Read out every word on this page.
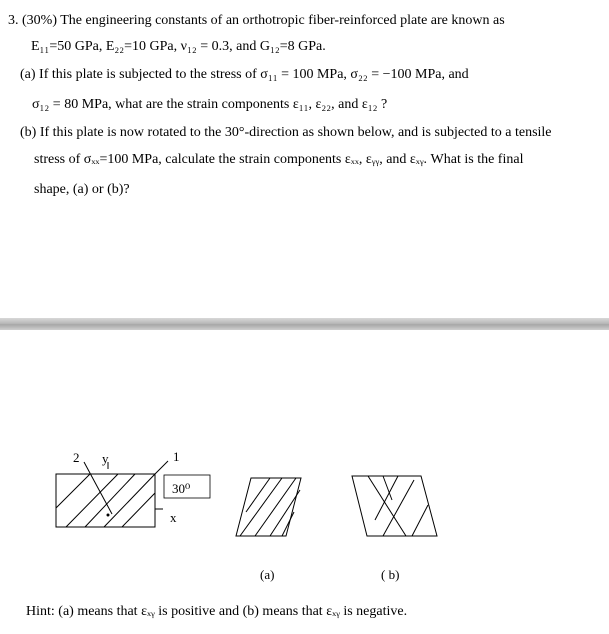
3. (30%) The engineering constants of an orthotropic fiber-reinforced plate are known as
E₁₁=50 GPa, E₂₂=10 GPa, ν₁₂ = 0.3, and G₁₂=8 GPa.
(a) If this plate is subjected to the stress of σ₁₁ = 100 MPa, σ₂₂ = −100 MPa, and
σ₁₂ = 80 MPa, what are the strain components ε₁₁, ε₂₂, and ε₁₂ ?
(b) If this plate is now rotated to the 30°-direction as shown below, and is subjected to a tensile
stress of σₓₓ=100 MPa, calculate the strain components εₓₓ, εᵧᵧ, and εₓᵧ. What is the final
shape, (a) or (b)?
2 y	1
30⁰
x
(a)	( b)
Hint: (a) means that εₓᵧ is positive and (b) means that εₓᵧ is negative.
